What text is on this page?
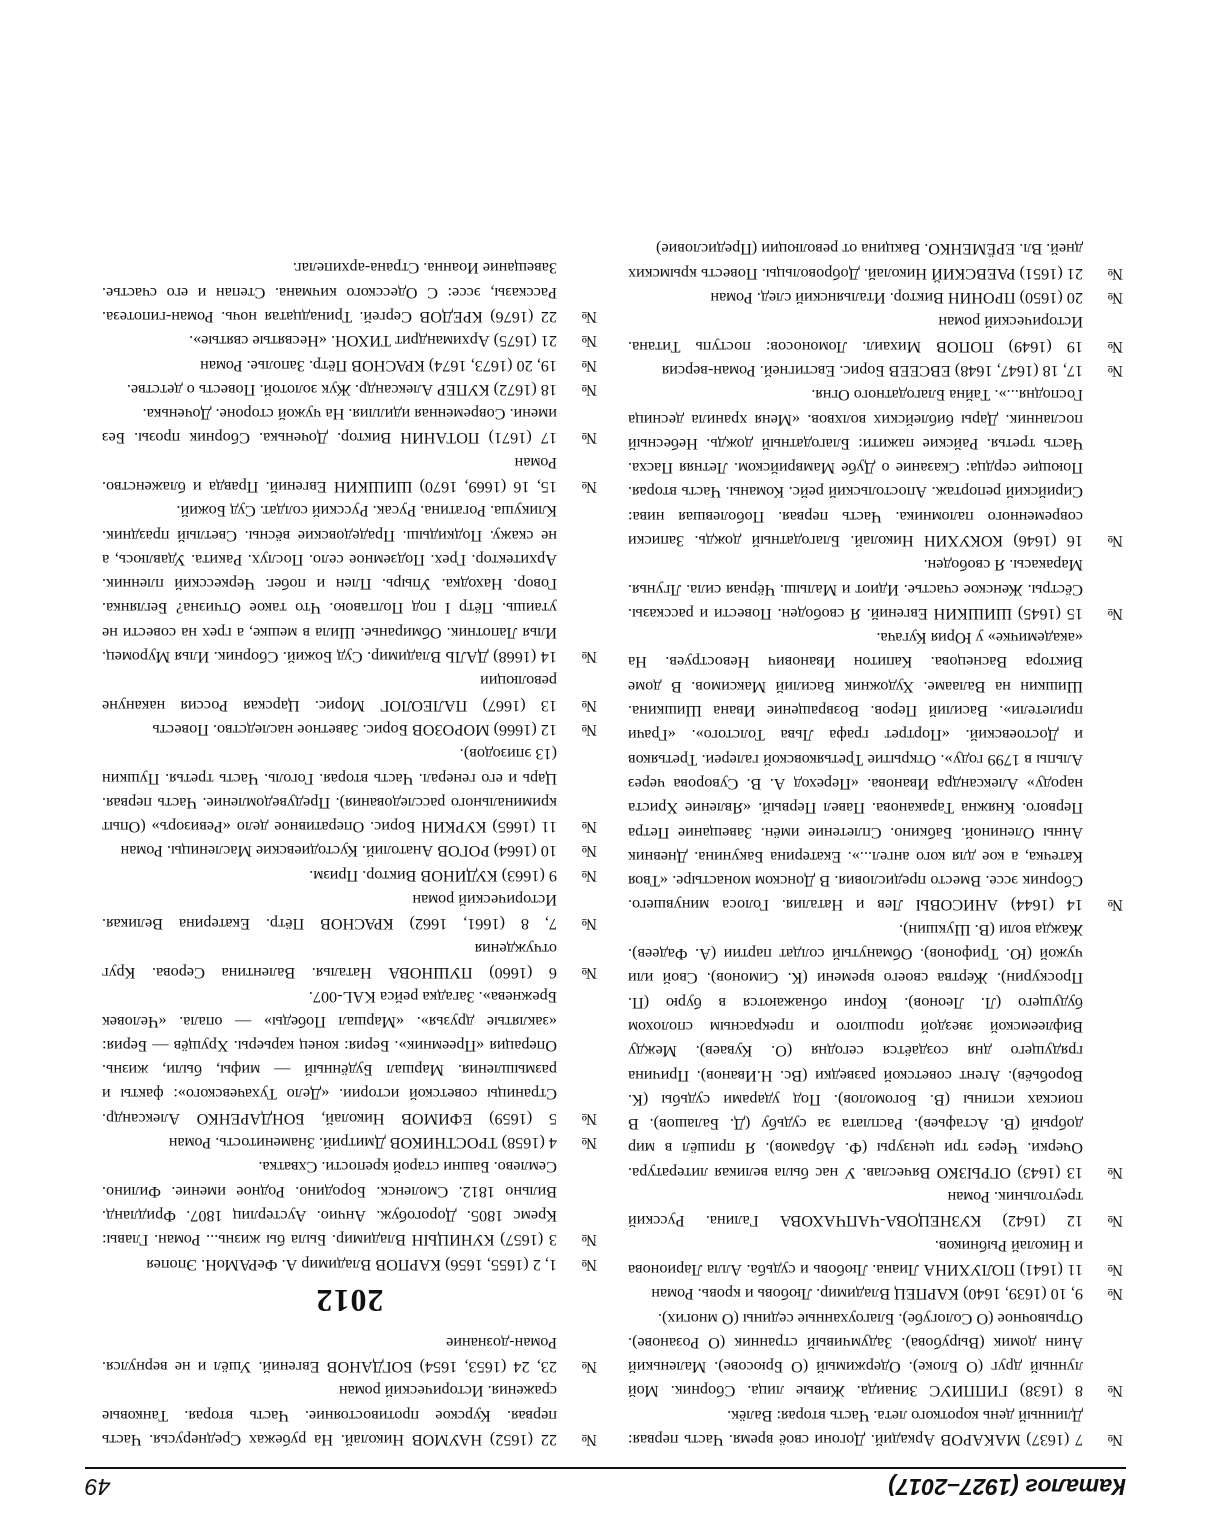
Каталог (1927–2017)
49
№
7 (1637) МАКАРОВ Аркадий. Догони своё время. Часть первая: Длинный день короткого лета. Часть вторая: Валёк.
№
8 (1638) ГИППИУС Зинаида. Живые лица. Сборник. Мой лунный друг (О Блоке). Одержимый (О Брюсове). Маленький Анин домик (Вырубова). Задумчивый странник (О Розанове). Отрывочное (О Сологубе). Благоуханные седины (О многих).
№
9, 10 (1639, 1640) КАРПЕЦ Владимир. Любовь и кровь. Роман
№
11 (1641) ПОЛУХИНА Лиана. Любовь и судьба. Алла Ларионова и Николай Рыбников.
№
12 (1642) КУЗНЕЦОВА-ЧАПЧАХОВА Галина. Русский треугольник. Роман
№
13 (1643) ОГРЫЗКО Вячеслав. У нас была великая литература. Очерки. Через три цензуры (Ф. Абрамов). Я пришёл в мир добрый (В. Астафьев). Расплата за судьбу (Д. Балашов). В поисках истины (В. Богомолов). Под ударами судьбы (К. Воробьёв). Агент советской разведки (Вс. Н.Иванов). Причина грядущего дня создаётся сегодня (О. Куваев). Между Вифлеемской звездой прошлого и прекрасным сполохом будущего (Л. Леонов). Корни обнажаются в бурю (П. Проскурин). Жертва своего времени (К. Симонов). Свой или чужой (Ю. Трифонов). Обманутый солдат партии (А. Фадеев). Жажда воли (В. Шукшин).
№
14 (1644) АНИСОВЫ Лев и Наталия. Голоса минувшего. Сборник эссе. Вместо предисловия. В Донском монастыре. «Твоя Катечка, а кое для кого ангел...». Екатерина Бакунина. Дневник Анны Олениной. Бабкино. Сплетение имён. Завещание Петра Первого. Княжна Тараканова. Павел Первый. «Явление Христа народу» Александра Иванова. «Переход А. В. Суворова через Альпы в 1799 году». Открытие Третьяковской галереи. Третьяков и Достоевский. «Портрет графа Льва Толстого». «Грачи прилетели». Василий Перов. Возвращение Ивана Шишкина. Шишкин на Валааме. Художник Василий Максимов. В доме Виктора Васнецова. Капитон Иванович Невоструев. На «академичке» у Юрия Кугача.
№
15 (1645) ШИШКИН Евгений. Я свободен. Повести и рассказы. Сёстры. Женское счастье. Идиот и Малыш. Чёрная сила. Лгунья. Маракасы. Я свободен.
№
16 (1646) КОКУХИН Николай. Благодатный дождь. Записки современного паломника. Часть первая. Поболевшая нива: Сирийский репортаж. Апостольский рейс. Команы. Часть вторая. Поющие сердца: Сказание о Дубе Мамврийском. Летняя Пасха. Часть третья. Райские пажити: Благодатный дождь. Небесный посланник. Дары библейских волхвов. «Меня хранила десница Господня...». Тайна Благодатного Огня.
№
17, 18 (1647, 1648) ЕВСЕЕВ Борис. Евстигней. Роман-версия
№
19 (1649) ПОПОВ Михаил. Ломоносов: поступь Титана. Исторический роман
№
20 (1650) ПРОНИН Виктор. Итальянский след. Роман
№
21 (1651) РАЕВСКИЙ Николай. Добровольцы. Повесть крымских дней. Вл. ЕРЁМЕНКО. Вакцина от революции (Предисловие)
№
22 (1652) НАУМОВ Николай. На рубежах Среднерусья. Часть первая. Курское противостояние. Часть вторая. Танковые сражения. Исторический роман
№
23, 24 (1653, 1654) БОГДАНОВ Евгений. Ушёл и не вернулся. Роман-дознание
2012
№
1, 2 (1655, 1656) КАРПОВ Владимир А. ФеРАМоН. Эпопея
№
3 (1657) КУНИЦЫН Владимир. Была бы жизнь... Роман. Главы: Кремс 1805. Дорогобуж. Анчио. Аустерлиц 1807. Фридланд. Вильно 1812. Смоленск. Бородино. Родное имение. Филино. Семлево. Башни старой крепости. Схватка.
№
4 (1658) ТРОСТНИКОВ Дмитрий. Знаменитость. Роман
№
5 (1659) ЕФИМОВ Николай, БОНДАРЕНКО Александр. Страницы советской истории. «Дело Тухачевского»: факты и размышления. Маршал Будённый — мифы, были, жизнь. Операция «Преемник». Берия: конец карьеры. Хрущёв — Берия: «заклятые друзья». «Маршал Победы» — опала. «Человек Брежнева». Загадка рейса KAL-007.
№
6 (1660) ПУШНОВА Наталья. Валентина Серова. Круг отчуждения
№
7, 8 (1661, 1662) КРАСНОВ Пётр. Екатерина Великая. Исторический роман
№
9 (1663) КУДИНОВ Виктор. Призм.
№
10 (1664) РОГОВ Анатолий. Кустодиевские Масленицы. Роман
№
11 (1665) КУРКИН Борис. Оперативное дело «Ревизоръ» (Опыт криминального расследования). Предуведомление. Часть первая. Царь и его генерал. Часть вторая. Гоголь. Часть третья. Пушкин (13 эпизодов).
№
12 (1666) МОРОЗОВ Борис. Заветное наследство. Повесть
№
13 (1667) ПАЛЕОЛОГ Морис. Царская Россия накануне революции
№
14 (1668) ДАЛЬ Владимир. Суд Божий. Сборник. Илья Муромец. Илья Лапотник. Обмиранье. Шила в мешке, а грех на совести не утаишь. Пётр I под Полтавою. Что такое Отчизна? Беглянка. Говор. Находка. Упырь. Плен и побег. Черкесский пленник. Архитектор. Грех. Подземное село. Послух. Ракита. Удавлюсь, а не скажу. Подкидыш. Прадедовские вёсны. Светлый праздник. Кликуша. Рогатина. Русак. Русский солдат. Суд Божий.
№
15, 16 (1669, 1670) ШИШКИН Евгений. Правда и блаженство. Роман
№
17 (1671) ПОТАНИН Виктор. Доченька. Сборник прозы. Без имени. Современная идиллия. На чужой стороне. Доченька.
№
18 (1672) КУПЕР Александр. Жук золотой. Повесть о детстве.
№
19, 20 (1673, 1674) КРАСНОВ Пётр. Заполье. Роман
№
21 (1675) Архимандрит ТИХОН. «Несвятые святые».
№
22 (1676) КРЕДОВ Сергей. Тринадцатая ночь. Роман-гипотеза. Рассказы, эссе: С Одесского кичмана. Степан и его счастье. Завещание Иоанна. Страна-архипелаг.
